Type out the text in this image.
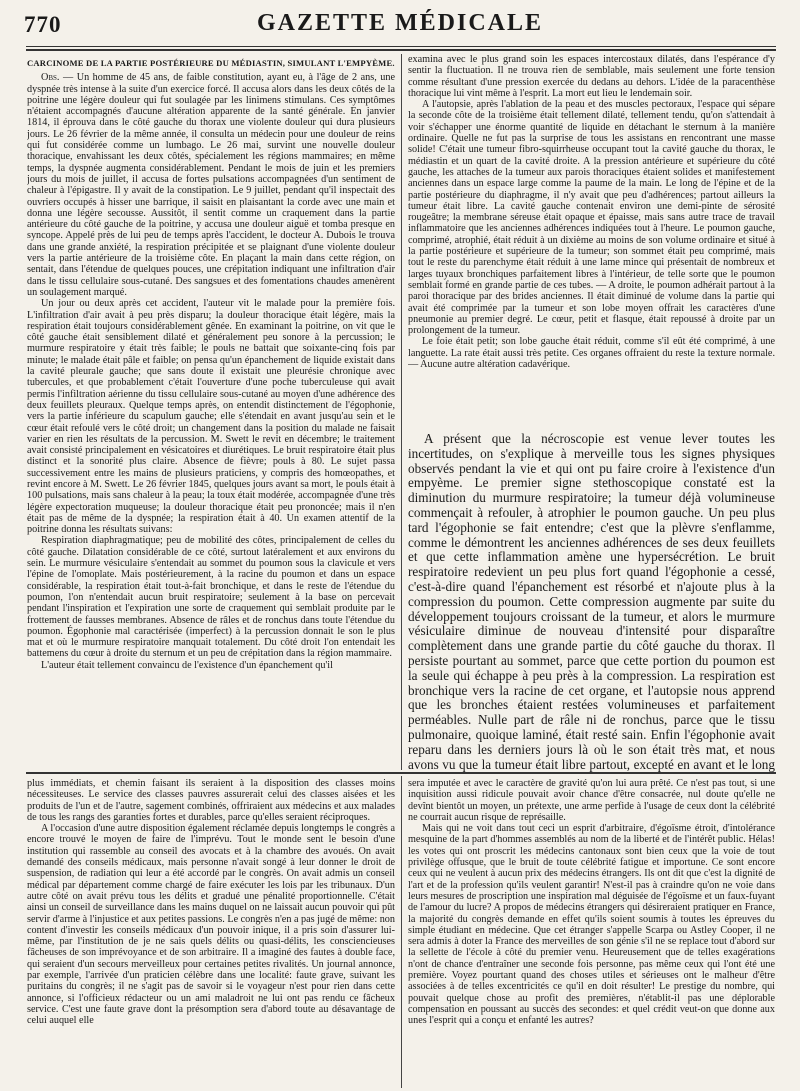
770	GAZETTE MÉDICALE

CARCINOME DE LA PARTIE POSTÉRIEURE DU MÉDIASTIN, SIMULANT L'EMPYÈME.

Obs. — Un homme de 45 ans, de faible constitution, ayant eu, à l'âge de 2 ans, une dyspnée très intense à la suite d'un exercice forcé. Il accusa alors dans les deux côtés de la poitrine une légère douleur qui fut soulagée par les linimens stimulans. Ces symptômes n'étaient accompagnés d'aucune altération apparente de la santé générale. En janvier 1814, il éprouva dans le côté gauche du thorax une violente douleur qui dura plusieurs jours. Le 26 février de la même année, il consulta un médecin pour une douleur de reins qui fut considérée comme un lumbago. Le 26 mai, survint une nouvelle douleur thoracique, envahissant les deux côtés, spécialement les régions mammaires; en même temps, la dyspnée augmenta considérablement. Pendant le mois de juin et les premiers jours du mois de juillet, il accusa de fortes pulsations accompagnées d'un sentiment de chaleur à l'épigastre. Il y avait de la constipation. Le 9 juillet, pendant qu'il inspectait des ouvriers occupés à hisser une barrique, il saisit en plaisantant la corde avec une main et donna une légère secousse. Aussitôt, il sentit comme un craquement dans la partie antérieure du côté gauche de la poitrine, y accusa une douleur aiguë et tomba presque en syncope. Appelé près de lui peu de temps après l'accident, le docteur A. Dubois le trouva dans une grande anxiété, la respiration précipitée et se plaignant d'une violente douleur vers la partie antérieure de la troisième côte. En plaçant la main dans cette région, on sentait, dans l'étendue de quelques pouces, une crépitation indiquant une infiltration d'air dans le tissu cellulaire sous-cutané. Des sangsues et des fomentations chaudes amenèrent un soulagement marqué.

Un jour ou deux après cet accident, l'auteur vit le malade pour la première fois. L'infiltration d'air avait à peu près disparu; la douleur thoracique était légère, mais la respiration était toujours considérablement gênée. En examinant la poitrine, on vit que le côté gauche était sensiblement dilaté et généralement peu sonore à la percussion; le murmure respiratoire y était très faible; le pouls ne battait que soixante-cinq fois par minute; le malade était pâle et faible; on pensa qu'un épanchement de liquide existait dans la cavité pleurale gauche; que sans doute il existait une pleurésie chronique avec tubercules, et que probablement c'était l'ouverture d'une poche tuberculeuse qui avait permis l'infiltration aérienne du tissu cellulaire sous-cutané au moyen d'une adhérence des deux feuillets pleuraux. Quelque temps après, on entendit distinctement de l'égophonie, vers la partie inférieure du scapulum gauche; elle s'étendait en avant jusqu'au sein et le cœur était refoulé vers le côté droit; un changement dans la position du malade ne faisait varier en rien les résultats de la percussion. M. Swett le revit en décembre; le traitement avait consisté principalement en vésicatoires et diurétiques. Le bruit respiratoire était plus distinct et la sonorité plus claire. Absence de fièvre; pouls à 80. Le sujet passa successivement entre les mains de plusieurs praticiens, y compris des homœopathes, et revint encore à M. Swett. Le 26 février 1845, quelques jours avant sa mort, le pouls était à 100 pulsations, mais sans chaleur à la peau; la toux était modérée, accompagnée d'une très légère expectoration muqueuse; la douleur thoracique était peu prononcée; mais il n'en était pas de même de la dyspnée; la respiration était à 40. Un examen attentif de la poitrine donna les résultats suivans:

Respiration diaphragmatique; peu de mobilité des côtes, principalement de celles du côté gauche. Dilatation considérable de ce côté, surtout latéralement et aux environs du sein. Le murmure vésiculaire s'entendait au sommet du poumon sous la clavicule et vers l'épine de l'omoplate. Mais postérieurement, à la racine du poumon et dans un espace considérable, la respiration était tout-à-fait bronchique, et dans le reste de l'étendue du poumon, l'on n'entendait aucun bruit respiratoire; seulement à la base on percevait pendant l'inspiration et l'expiration une sorte de craquement qui semblait produite par le frottement de fausses membranes. Absence de râles et de ronchus dans toute l'étendue du poumon. Égophonie mal caractérisée (imperfect) à la percussion donnait le son le plus mat et où le murmure respiratoire manquait totalement. Du côté droit l'on entendait les battemens du cœur à droite du sternum et un peu de crépitation dans la région mammaire.

L'auteur était tellement convaincu de l'existence d'un épanchement qu'il

examina avec le plus grand soin les espaces intercostaux dilatés, dans l'espérance d'y sentir la fluctuation. Il ne trouva rien de semblable, mais seulement une forte tension comme résultant d'une pression exercée du dedans au dehors. L'idée de la paracenthèse thoracique lui vint même à l'esprit. La mort eut lieu le lendemain soir.

A l'autopsie, après l'ablation de la peau et des muscles pectoraux, l'espace qui sépare la seconde côte de la troisième était tellement dilaté, tellement tendu, qu'on s'attendait à voir s'échapper une énorme quantité de liquide en détachant le sternum à la manière ordinaire. Quelle ne fut pas la surprise de tous les assistans en rencontrant une masse solide! C'était une tumeur fibro-squirrheuse occupant tout la cavité gauche du thorax, le médiastin et un quart de la cavité droite. A la pression antérieure et supérieure du côté gauche, les attaches de la tumeur aux parois thoraciques étaient solides et manifestement anciennes dans un espace large comme la paume de la main. Le long de l'épine et de la partie postérieure du diaphragme, il n'y avait que peu d'adhérences; partout ailleurs la tumeur était libre. La cavité gauche contenait environ une demi-pinte de sérosité rougeâtre; la membrane séreuse était opaque et épaisse, mais sans autre trace de travail inflammatoire que les anciennes adhérences indiquées tout à l'heure. Le poumon gauche, comprimé, atrophié, était réduit à un dixième au moins de son volume ordinaire et situé à la partie postérieure et supérieure de la tumeur; son sommet était peu comprimé, mais tout le reste du parenchyme était réduit à une lame mince qui présentait de nombreux et larges tuyaux bronchiques parfaitement libres à l'intérieur, de telle sorte que le poumon semblait formé en grande partie de ces tubes. — A droite, le poumon adhérait partout à la paroi thoracique par des brides anciennes. Il était diminué de volume dans la partie qui avait été comprimée par la tumeur et son lobe moyen offrait les caractères d'une pneumonie au premier degré. Le cœur, petit et flasque, était repoussé à droite par un prolongement de la tumeur.

Le foie était petit; son lobe gauche était réduit, comme s'il eût été comprimé, à une languette. La rate était aussi très petite. Ces organes offraient du reste la texture normale. — Aucune autre altération cadavérique.

A présent que la nécroscopie est venue lever toutes les incertitudes, on s'explique à merveille tous les signes physiques observés pendant la vie et qui ont pu faire croire à l'existence d'un empyème. Le premier signe stethoscopique constaté est la diminution du murmure respiratoire; la tumeur déjà volumineuse commençait à refouler, à atrophier le poumon gauche. Un peu plus tard l'égophonie se fait entendre; c'est que la plèvre s'enflamme, comme le démontrent les anciennes adhérences de ses deux feuillets et que cette inflammation amène une hypersécrétion. Le bruit respiratoire redevient un peu plus fort quand l'égophonie a cessé, c'est-à-dire quand l'épanchement est résorbé et n'ajoute plus à la compression du poumon. Cette compression augmente par suite du développement toujours croissant de la tumeur, et alors le murmure vésiculaire diminue de nouveau d'intensité pour disparaître complètement dans une grande partie du côté gauche du thorax. Il persiste pourtant au sommet, parce que cette portion du poumon est la seule qui échappe à peu près à la compression. La respiration est bronchique vers la racine de cet organe, et l'autopsie nous apprend que les bronches étaient restées volumineuses et parfaitement perméables. Nulle part de râle ni de ronchus, parce que le tissu pulmonaire, quoique laminé, était resté sain. Enfin l'égophonie avait reparu dans les derniers jours là où le son était très mat, et nous avons vu que la tumeur était libre partout, excepté en avant et le long

plus immédiats, et chemin faisant ils seraient à la disposition des classes moins nécessiteuses. Le service des classes pauvres assurerait celui des classes aisées et les produits de l'un et de l'autre, sagement combinés, offriraient aux médecins et aux malades de tous les rangs des garanties fortes et durables, parce qu'elles seraient réciproques.

A l'occasion d'une autre disposition également réclamée depuis longtemps le congrès a encore trouvé le moyen de faire de l'imprévu. Tout le monde sent le besoin d'une institution qui rassemble au conseil des avocats et à la chambre des avoués. On avait demandé des conseils médicaux, mais personne n'avait songé à leur donner le droit de suspension, de radiation qui leur a été accordé par le congrès. On avait admis un conseil médical par département comme chargé de faire exécuter les lois par les tribunaux. D'un autre côté on avait prévu tous les délits et gradué une pénalité proportionnelle. C'était ainsi un conseil de surveillance dans les mains duquel on ne laissait aucun pouvoir qui pût servir d'arme à l'injustice et aux petites passions. Le congrès n'en a pas jugé de même: non content d'investir les conseils médicaux d'un pouvoir inique, il a pris soin d'assurer lui-même, par l'institution de je ne sais quels délits ou quasi-délits, les consciencieuses fâcheuses de son imprévoyance et de son arbitraire. Il a imaginé des fautes à double face, qui seraient d'un secours merveilleux pour certaines petites rivalités. Un journal annonce, par exemple, l'arrivée d'un praticien célèbre dans une localité: faute grave, suivant les puritains du congrès; il ne s'agit pas de savoir si le voyageur n'est pour rien dans cette annonce, si l'officieux rédacteur ou un ami maladroit ne lui ont pas rendu ce fâcheux service. C'est une faute grave dont la présomption sera d'abord toute au désavantage de celui auquel elle

sera imputée et avec le caractère de gravité qu'on lui aura prêté. Ce n'est pas tout, si une inquisition aussi ridicule pouvait avoir chance d'être consacrée, nul doute qu'elle ne devînt bientôt un moyen, un prétexte, une arme perfide à l'usage de ceux dont la célébrité ne courrait aucun risque de représaille.

Mais qui ne voit dans tout ceci un esprit d'arbitraire, d'égoïsme étroit, d'intolérance mesquine de la part d'hommes assemblés au nom de la liberté et de l'intérêt public. Hélas! les votes qui ont proscrit les médecins cantonaux sont bien ceux que la voie de tout privilège offusque, que le bruit de toute célébrité fatigue et importune. Ce sont encore ceux qui ne veulent à aucun prix des médecins étrangers. Ils ont dit que c'est la dignité de l'art et de la profession qu'ils veulent garantir! N'est-il pas à craindre qu'on ne voie dans leurs mesures de proscription une inspiration mal déguisée de l'égoïsme et un faux-fuyant de l'amour du lucre? A propos de médecins étrangers qui désireraient pratiquer en France, la majorité du congrès demande en effet qu'ils soient soumis à toutes les épreuves du simple étudiant en médecine. Que cet étranger s'appelle Scarpa ou Astley Cooper, il ne sera admis à doter la France des merveilles de son génie s'il ne se replace tout d'abord sur la sellette de l'école à côté du premier venu. Heureusement que de telles exagérations n'ont de chance d'entraîner une seconde fois personne, pas même ceux qui l'ont été une première. Voyez pourtant quand des choses utiles et sérieuses ont le malheur d'être associées à de telles excentricités ce qu'il en doit résulter! Le prestige du nombre, qui pouvait quelque chose au profit des premières, n'établit-il pas une déplorable compensation en poussant au succès des secondes: et quel crédit veut-on que donne aux unes l'esprit qui a conçu et enfanté les autres?
